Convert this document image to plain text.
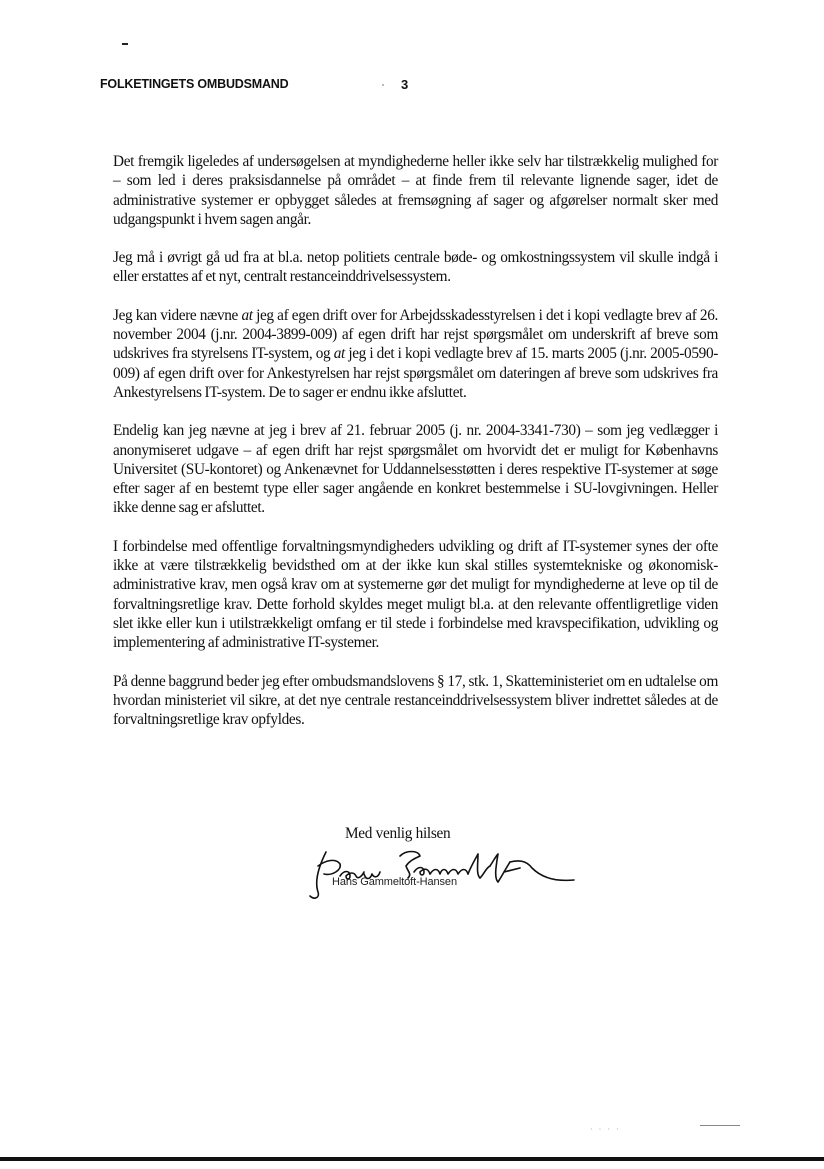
FOLKETINGETS OMBUDSMAND	3

Det fremgik ligeledes af undersøgelsen at myndighederne heller ikke selv har tilstrækkelig mulighed for – som led i deres praksisdannelse på området – at finde frem til relevante lignende sager, idet de administrative systemer er opbygget således at fremsøgning af sager og afgørelser normalt sker med udgangspunkt i hvem sagen angår.

Jeg må i øvrigt gå ud fra at bl.a. netop politiets centrale bøde- og omkostningssystem vil skulle indgå i eller erstattes af et nyt, centralt restanceinddrivelsessystem.

Jeg kan videre nævne at jeg af egen drift over for Arbejdsskadesstyrelsen i det i kopi vedlagte brev af 26. november 2004 (j.nr. 2004-3899-009) af egen drift har rejst spørgsmålet om underskrift af breve som udskrives fra styrelsens IT-system, og at jeg i det i kopi vedlagte brev af 15. marts 2005 (j.nr. 2005-0590-009) af egen drift over for Ankestyrelsen har rejst spørgsmålet om dateringen af breve som udskrives fra Ankestyrelsens IT-system. De to sager er endnu ikke afsluttet.

Endelig kan jeg nævne at jeg i brev af 21. februar 2005 (j. nr. 2004-3341-730) – som jeg vedlægger i anonymiseret udgave – af egen drift har rejst spørgsmålet om hvorvidt det er muligt for Københavns Universitet (SU-kontoret) og Ankenævnet for Uddannelsesstøtten i deres respektive IT-systemer at søge efter sager af en bestemt type eller sager angående en konkret bestemmelse i SU-lovgivningen. Heller ikke denne sag er afsluttet.

I forbindelse med offentlige forvaltningsmyndigheders udvikling og drift af IT-systemer synes der ofte ikke at være tilstrækkelig bevidsthed om at der ikke kun skal stilles systemtekniske og økonomisk-administrative krav, men også krav om at systemerne gør det muligt for myndighederne at leve op til de forvaltningsretlige krav. Dette forhold skyldes meget muligt bl.a. at den relevante offentligretlige viden slet ikke eller kun i utilstrækkeligt omfang er til stede i forbindelse med kravspecifikation, udvikling og implementering af administrative IT-systemer.

På denne baggrund beder jeg efter ombudsmandslovens § 17, stk. 1, Skatteministeriet om en udtalelse om hvordan ministeriet vil sikre, at det nye centrale restanceinddrivelsessystem bliver indrettet således at de forvaltningsretlige krav opfyldes.

Med venlig hilsen
Hans Gammeltoft-Hansen
· · · ·
